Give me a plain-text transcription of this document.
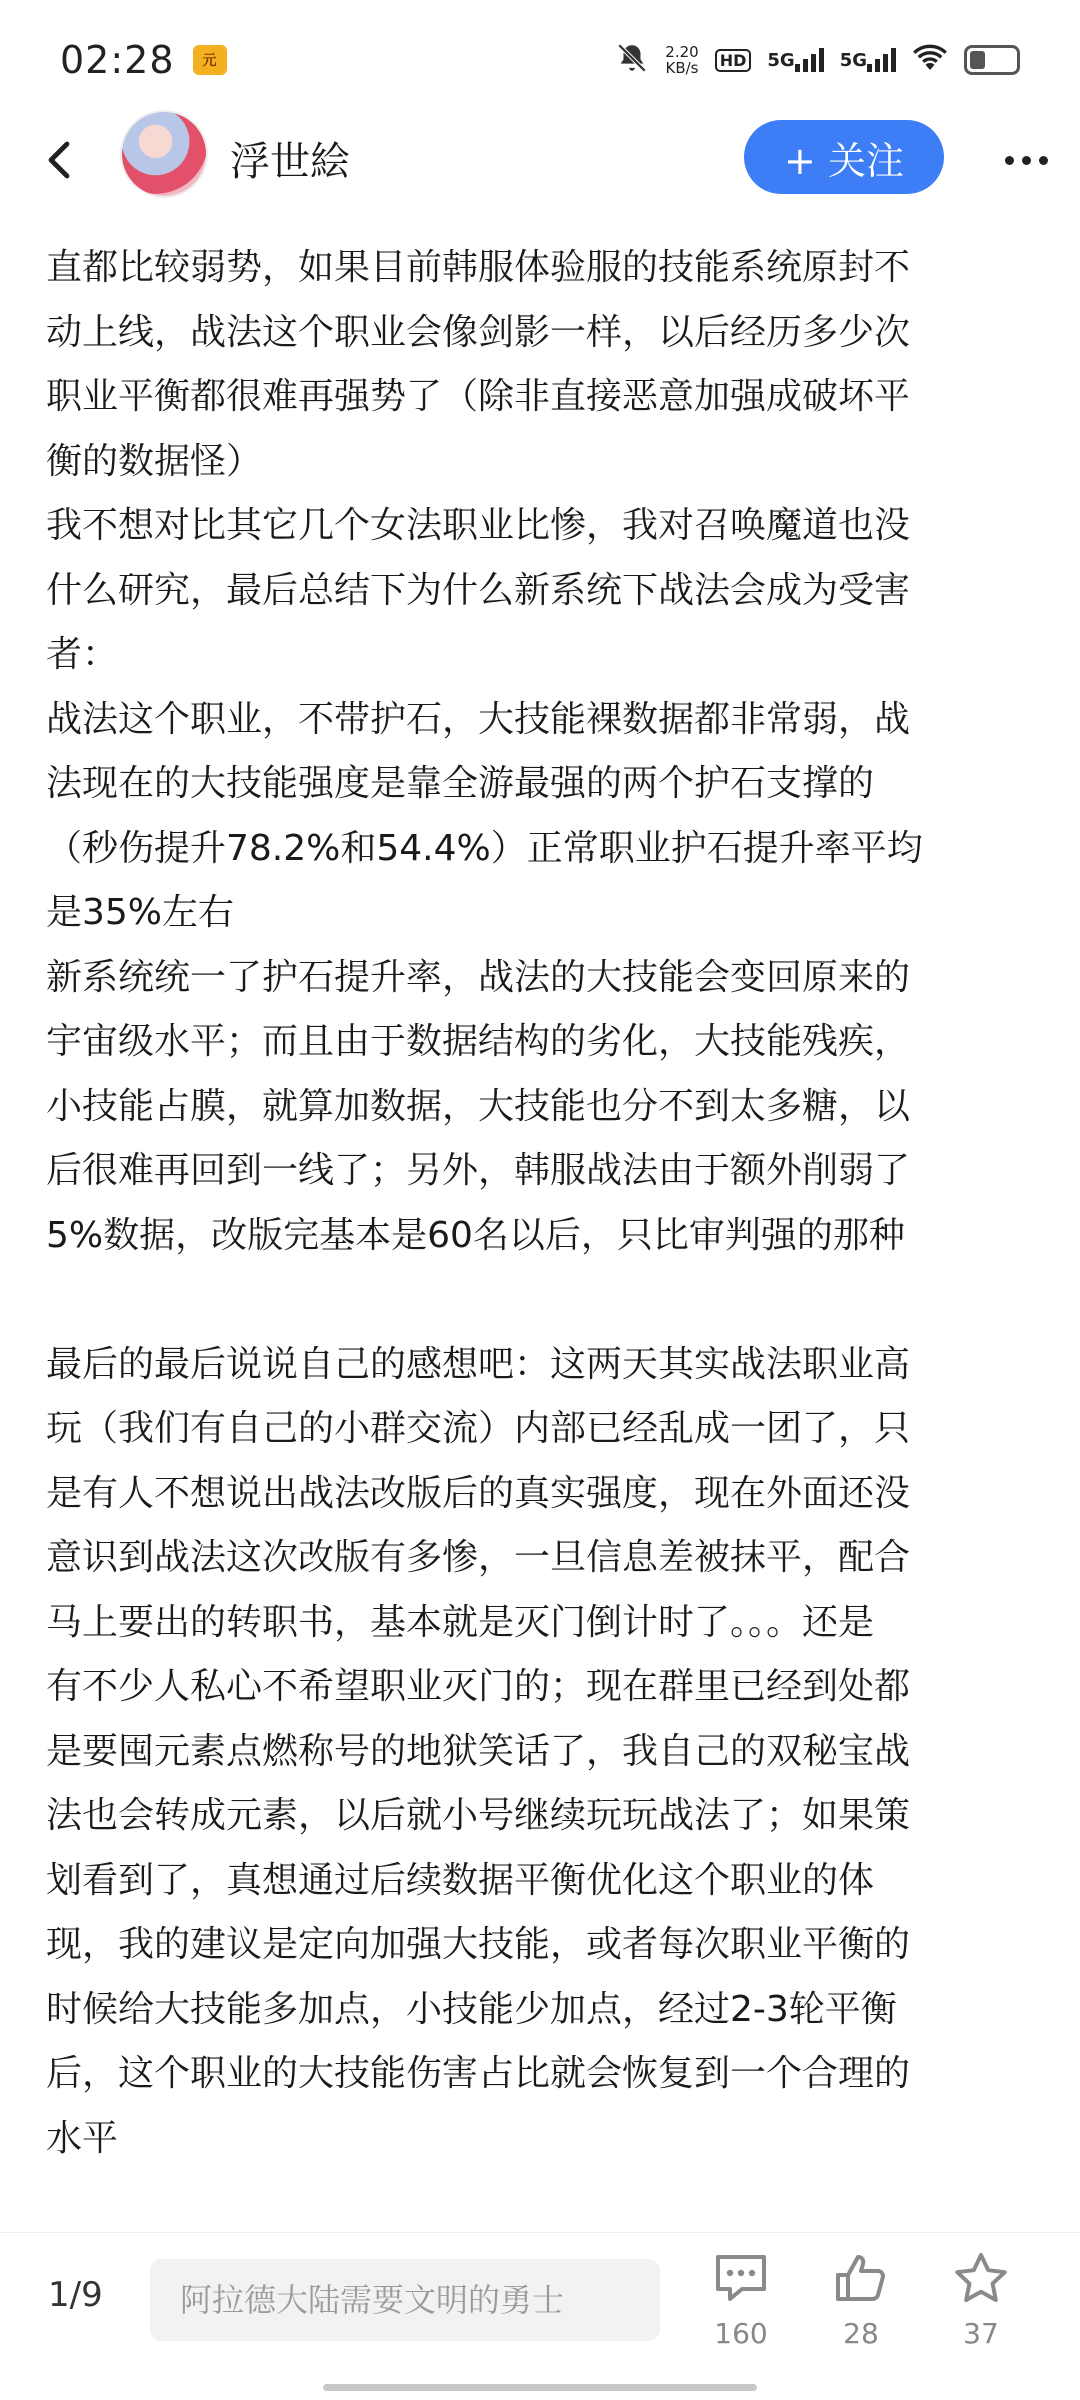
02:28	元	2.20
KB/s	HD 5G	5G
浮世絵	+ 关注

直都比较弱势，如果目前韩服体验服的技能系统原封不

动上线，战法这个职业会像剑影一样，以后经历多少次

职业平衡都很难再强势了（除非直接恶意加强成破坏平

衡的数据怪）

我不想对比其它几个女法职业比惨，我对召唤魔道也没

什么研究，最后总结下为什么新系统下战法会成为受害

者：

战法这个职业，不带护石，大技能裸数据都非常弱，战

法现在的大技能强度是靠全游最强的两个护石支撑的

（秒伤提升78.2%和54.4%）正常职业护石提升率平均

是35%左右

新系统统一了护石提升率，战法的大技能会变回原来的

宇宙级水平；而且由于数据结构的劣化，大技能残疾，

小技能占膜，就算加数据，大技能也分不到太多糖，以

后很难再回到一线了；另外，韩服战法由于额外削弱了

5%数据，改版完基本是60名以后，只比审判强的那种

最后的最后说说自己的感想吧：这两天其实战法职业高

玩（我们有自己的小群交流）内部已经乱成一团了，只

是有人不想说出战法改版后的真实强度，现在外面还没

意识到战法这次改版有多惨，一旦信息差被抹平，配合

马上要出的转职书，基本就是灭门倒计时了。。。还是

有不少人私心不希望职业灭门的；现在群里已经到处都

是要囤元素点燃称号的地狱笑话了，我自己的双秘宝战

法也会转成元素，以后就小号继续玩玩战法了；如果策

划看到了，真想通过后续数据平衡优化这个职业的体

现，我的建议是定向加强大技能，或者每次职业平衡的

时候给大技能多加点，小技能少加点，经过2-3轮平衡

后，这个职业的大技能伤害占比就会恢复到一个合理的

水平

1/9
阿拉德大陆需要文明的勇士
160	28	37
